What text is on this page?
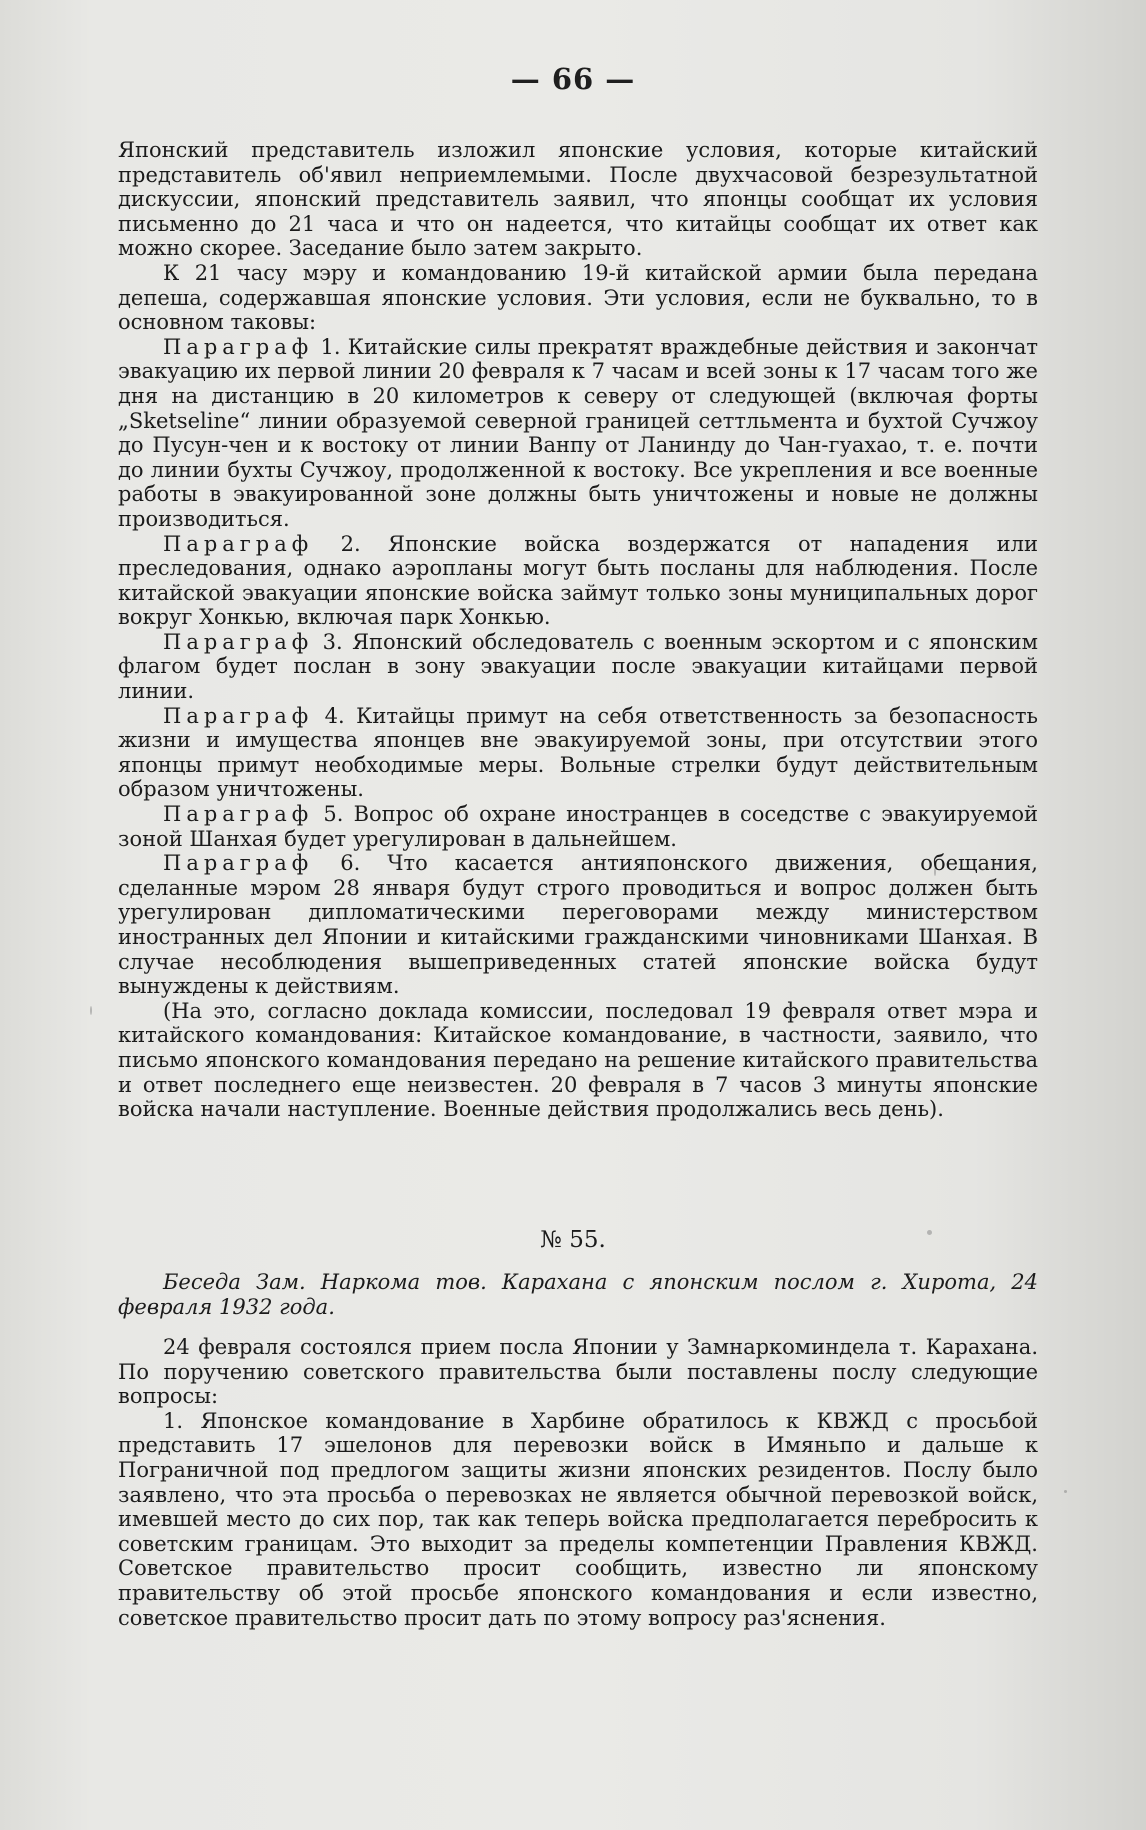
— 66 —

Японский представитель изложил японские условия, которые китайский представитель об'явил неприемлемыми. После двухчасовой безрезультатной дискуссии, японский представитель заявил, что японцы сообщат их условия письменно до 21 часа и что он надеется, что китайцы сообщат их ответ как можно скорее. Заседание было затем закрыто.

К 21 часу мэру и командованию 19-й китайской армии была передана депеша, содержавшая японские условия. Эти условия, если не буквально, то в основном таковы:

Параграф 1. Китайские силы прекратят враждебные действия и закончат эвакуацию их первой линии 20 февраля к 7 часам и всей зоны к 17 часам того же дня на дистанцию в 20 километров к северу от следующей (включая форты „Sketseline“ линии образуемой северной границей сеттльмента и бухтой Сучжоу до Пусун-чен и к востоку от линии Ванпу от Ланинду до Чан-гуахао, т. е. почти до линии бухты Сучжоу, продолженной к востоку. Все укрепления и все военные работы в эвакуированной зоне должны быть уничтожены и новые не должны производиться.

Параграф 2. Японские войска воздержатся от нападения или преследования, однако аэропланы могут быть посланы для наблюдения. После китайской эвакуации японские войска займут только зоны муниципальных дорог вокруг Хонкью, включая парк Хонкью.

Параграф 3. Японский обследователь с военным эскортом и с японским флагом будет послан в зону эвакуации после эвакуации китайцами первой линии.

Параграф 4. Китайцы примут на себя ответственность за безопасность жизни и имущества японцев вне эвакуируемой зоны, при отсутствии этого японцы примут необходимые меры. Вольные стрелки будут действительным образом уничтожены.

Параграф 5. Вопрос об охране иностранцев в соседстве с эвакуируемой зоной Шанхая будет урегулирован в дальнейшем.

Параграф 6. Что касается антияпонского движения, обещания, сделанные мэром 28 января будут строго проводиться и вопрос должен быть урегулирован дипломатическими переговорами между министерством иностранных дел Японии и китайскими гражданскими чиновниками Шанхая. В случае несоблюдения вышеприведенных статей японские войска будут вынуждены к действиям.

(На это, согласно доклада комиссии, последовал 19 февраля ответ мэра и китайского командования: Китайское командование, в частности, заявило, что письмо японского командования передано на решение китайского правительства и ответ последнего еще неизвестен. 20 февраля в 7 часов 3 минуты японские войска начали наступление. Военные действия продолжались весь день).

№ 55.
Беседа Зам. Наркома тов. Карахана с японским послом г. Хирота, 24 февраля 1932 года.

24 февраля состоялся прием посла Японии у Замнаркоминдела т. Карахана. По поручению советского правительства были поставлены послу следующие вопросы:

1. Японское командование в Харбине обратилось к КВЖД с просьбой представить 17 эшелонов для перевозки войск в Имяньпо и дальше к Пограничной под предлогом защиты жизни японских резидентов. Послу было заявлено, что эта просьба о перевозках не является обычной перевозкой войск, имевшей место до сих пор, так как теперь войска предполагается перебросить к советским границам. Это выходит за пределы компетенции Правления КВЖД. Советское правительство просит сообщить, известно ли японскому правительству об этой просьбе японского командования и если известно, советское правительство просит дать по этому вопросу раз'яснения.
